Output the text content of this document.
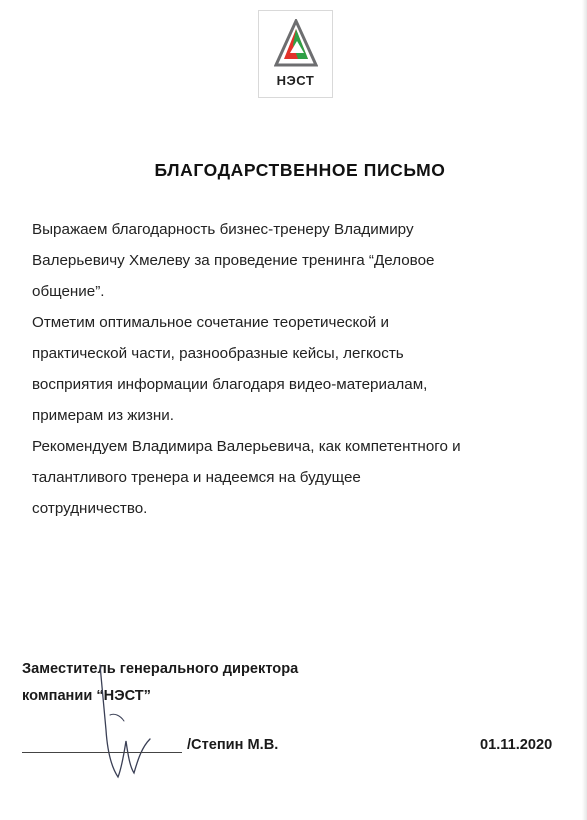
НЭСТ
БЛАГОДАРСТВЕННОЕ ПИСЬМО
Выражаем благодарность бизнес-тренеру Владимиру
Валерьевичу Хмелеву за проведение тренинга “Деловое
общение”.
Отметим оптимальное сочетание теоретической и
практической части, разнообразные кейсы, легкость
восприятия информации благодаря видео-материалам,
примерам из жизни.
Рекомендуем Владимира Валерьевича, как компетентного и
талантливого тренера и надеемся на будущее
сотрудничество.
Заместитель генерального директора
компании “НЭСТ”
/Степин М.В.	01.11.2020
